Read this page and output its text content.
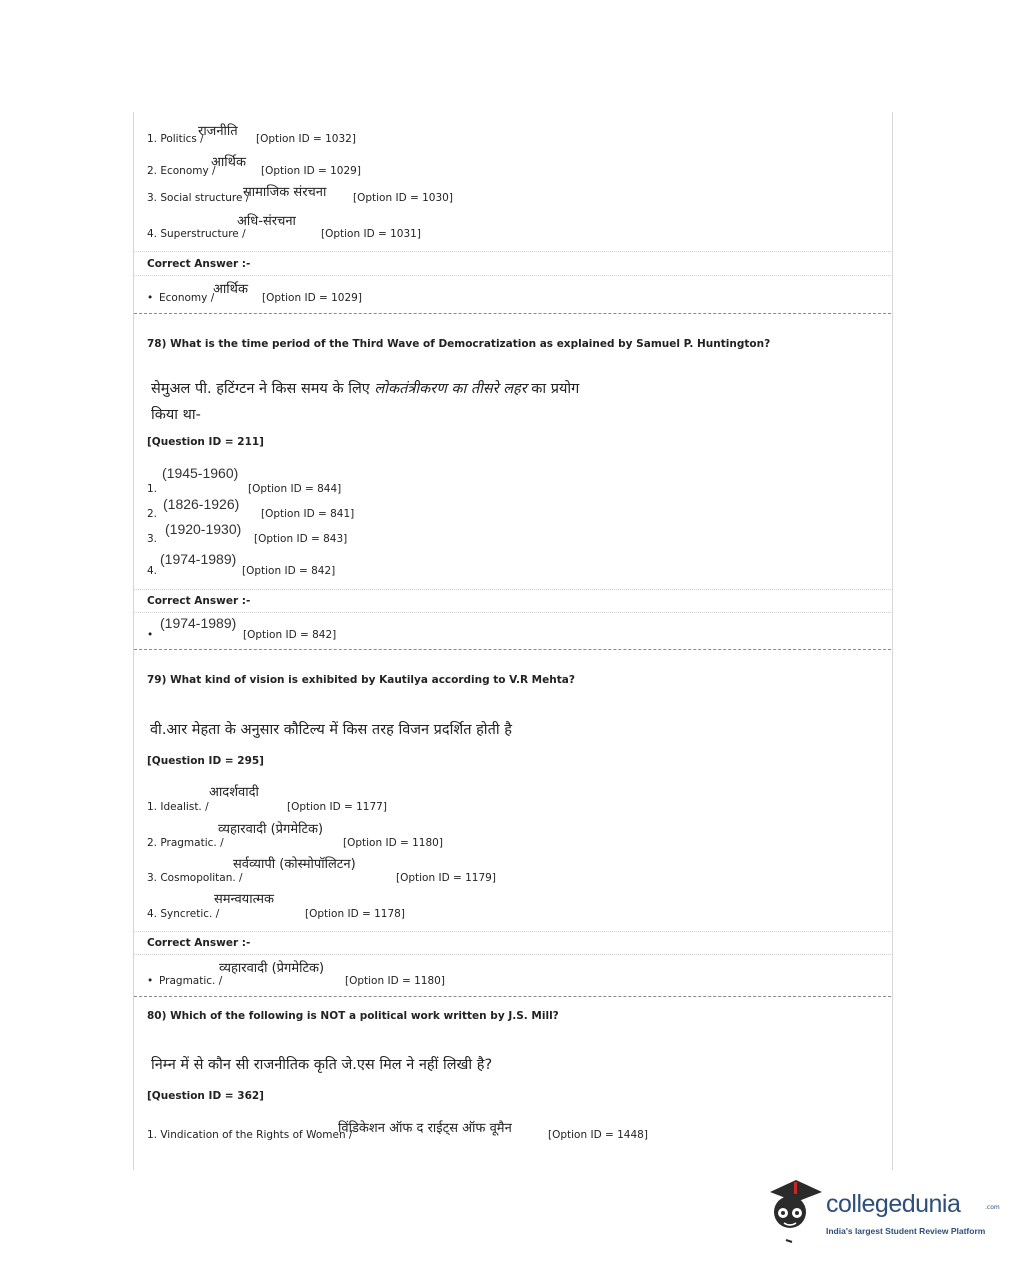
राजनीति
1. Politics /	[Option ID = 1032]
आर्थिक
2. Economy /	[Option ID = 1029]
सामाजिक संरचना
3. Social structure /	[Option ID = 1030]
अधि-संरचना
4. Superstructure /	[Option ID = 1031]
Correct Answer :-
आर्थिक
• Economy /	[Option ID = 1029]
78) What is the time period of the Third Wave of Democratization as explained by Samuel P. Huntington?
सेमुअल पी. हटिंग्टन ने किस समय के लिए लोकतंत्रीकरण का तीसरे लहर का प्रयोग
किया था-
[Question ID = 211]
(1945-1960)
1.	[Option ID = 844]
(1826-1926)
2.	[Option ID = 841]
(1920-1930)
3.	[Option ID = 843]
(1974-1989)
4.	[Option ID = 842]
Correct Answer :-
(1974-1989)
•	[Option ID = 842]
79) What kind of vision is exhibited by Kautilya according to V.R Mehta?
वी.आर मेहता के अनुसार कौटिल्य में किस तरह विजन प्रदर्शित होती है
[Question ID = 295]
आदर्शवादी
1. Idealist. /	[Option ID = 1177]
व्यहारवादी (प्रेगमेटिक)
2. Pragmatic. /	[Option ID = 1180]
सर्वव्यापी (कोस्मोपॉलिटन)
3. Cosmopolitan. /	[Option ID = 1179]
समन्वयात्मक
4. Syncretic. /	[Option ID = 1178]
Correct Answer :-
व्यहारवादी (प्रेगमेटिक)
• Pragmatic. /	[Option ID = 1180]
80) Which of the following is NOT a political work written by J.S. Mill?
निम्न में से कौन सी राजनीतिक कृति जे.एस मिल ने नहीं लिखी है?
[Question ID = 362]
1. Vindication of the Rights of Women /
विंडिकेशन ऑफ द राईट्स ऑफ वूमैन	[Option ID = 1448]
collegedunia	.com
India's largest Student Review Platform
